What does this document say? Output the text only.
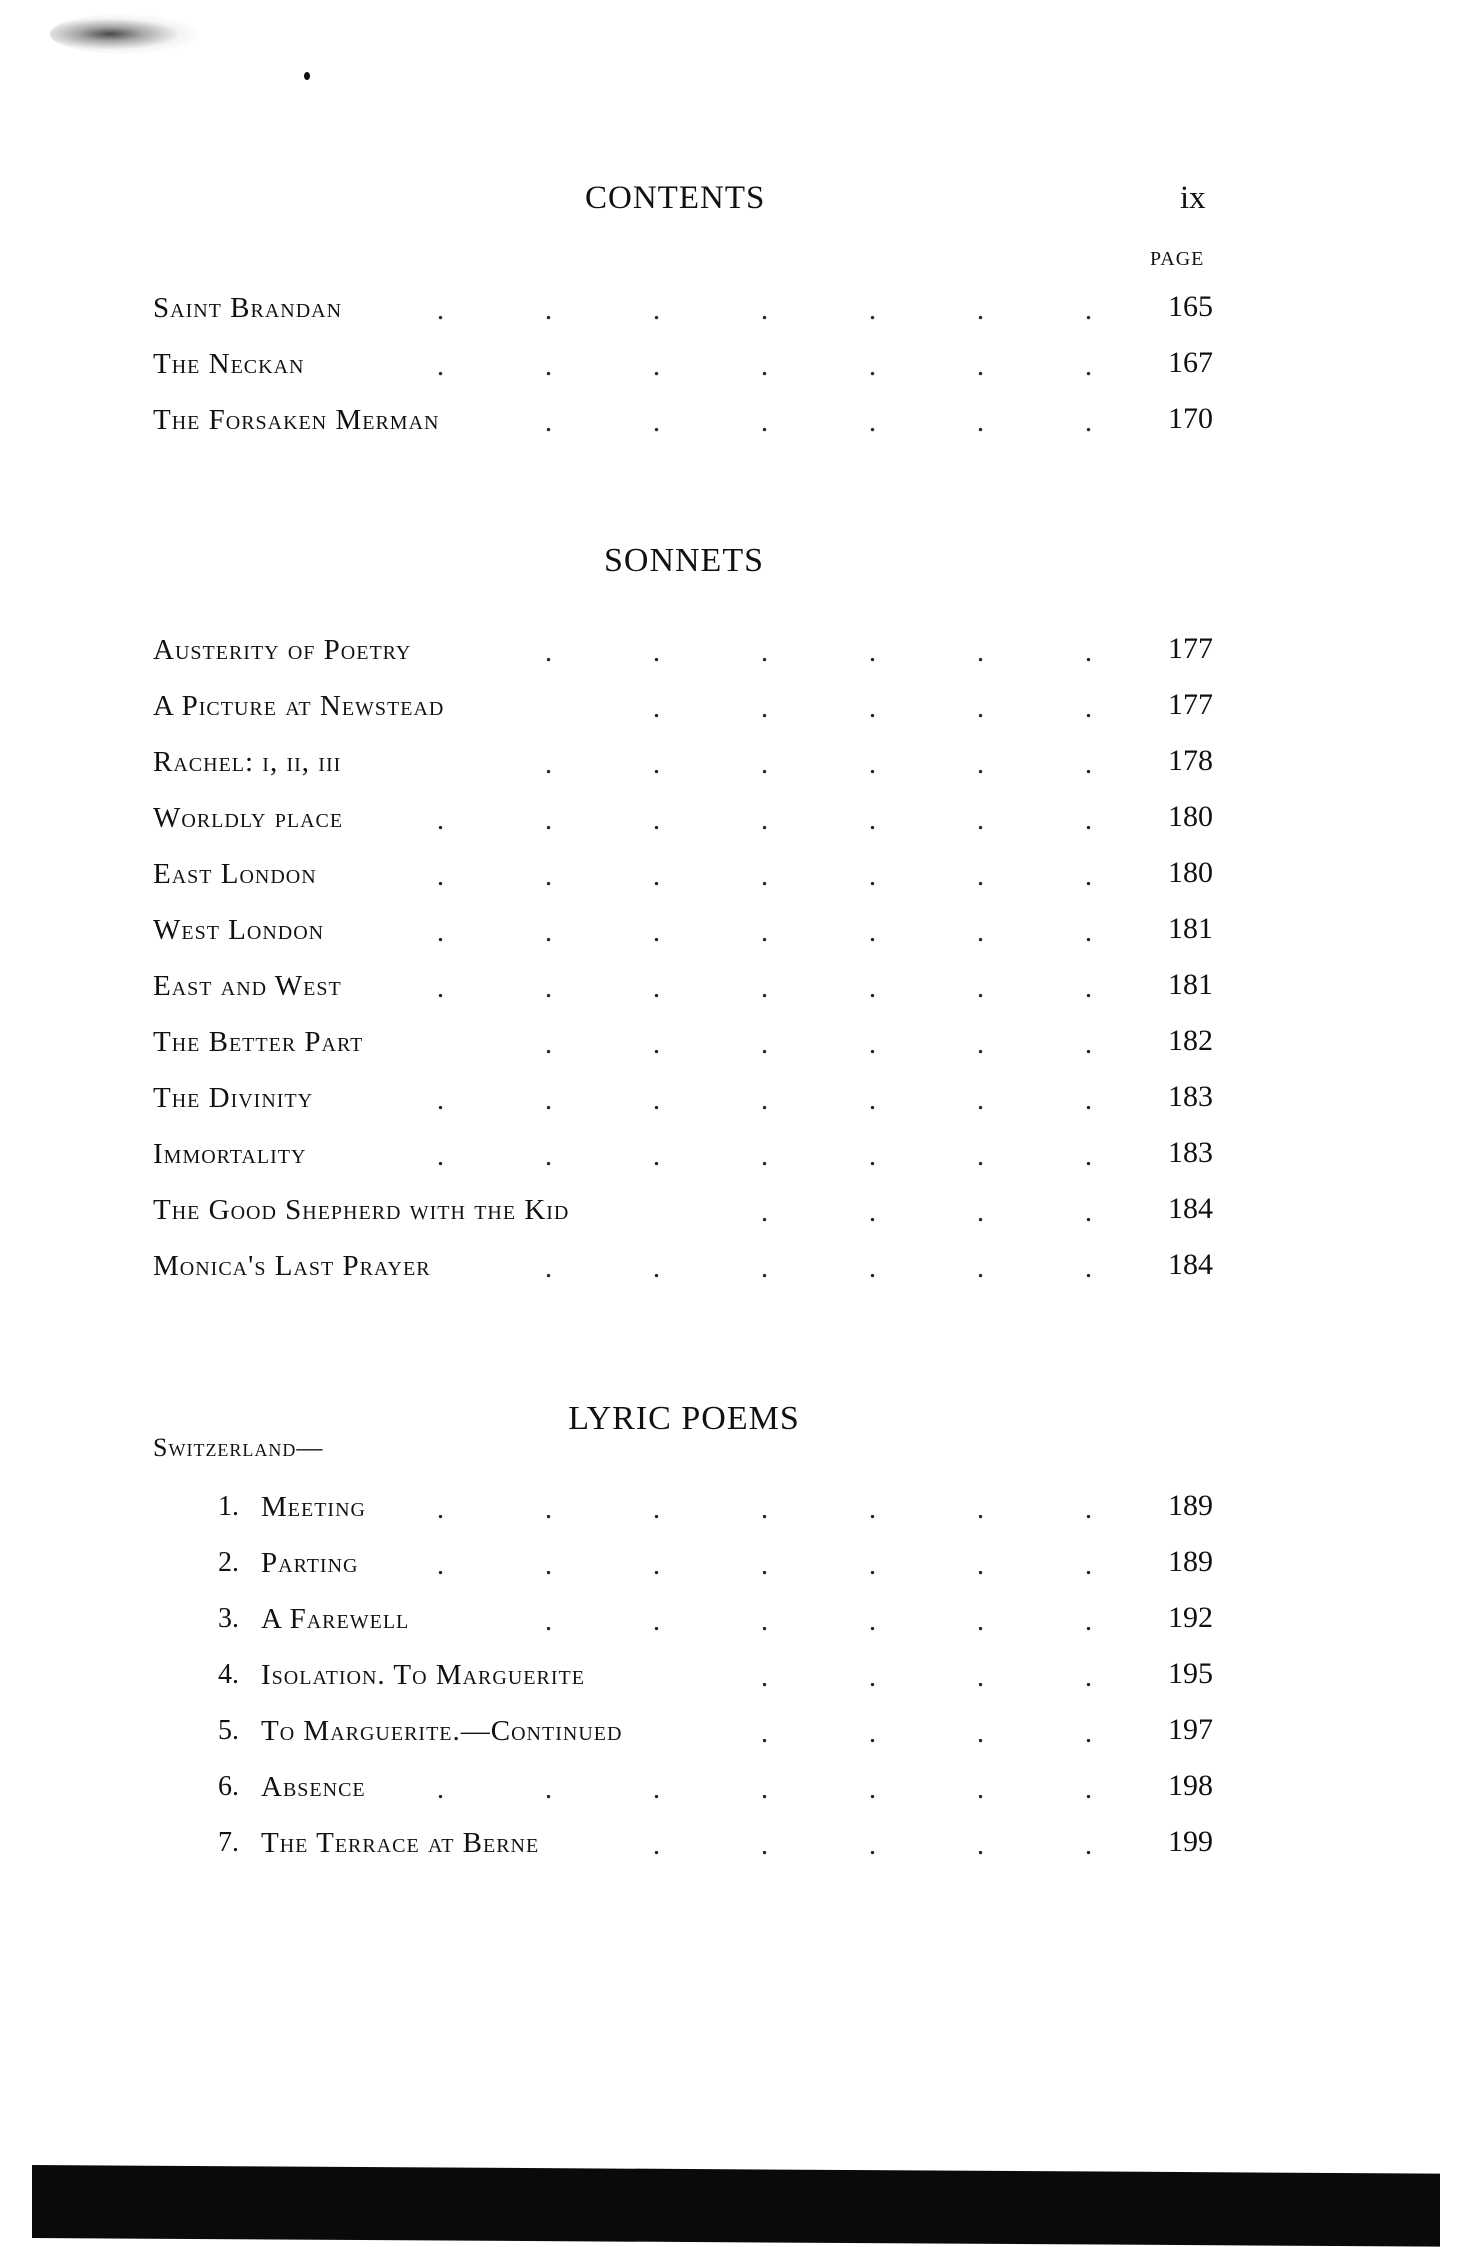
CONTENTS	ix
PAGE
Saint Brandan	.	.	.	.	.	.	.	165
The Neckan	.	.	.	.	.	.	.	167
The Forsaken Merman	.	.	.	.	.	.	170
SONNETS
Austerity of Poetry	.	.	.	.	.	.	177
A Picture at Newstead	.	.	.	.	.	177
Rachel: i, ii, iii	.	.	.	.	.	.	178
Worldly place	.	.	.	.	.	.	.	180
East London	.	.	.	.	.	.	.	180
West London	.	.	.	.	.	.	.	181
East and West	.	.	.	.	.	.	.	181
The Better Part	.	.	.	.	.	.	182
The Divinity	.	.	.	.	.	.	.	183
Immortality	.	.	.	.	.	.	.	183
The Good Shepherd with the Kid	.	.	.	.	184
Monica's Last Prayer	.	.	.	.	.	.	184
LYRIC POEMS
Switzerland—
1. Meeting	.	.	.	.	.	.	.	189
2. Parting	.	.	.	.	.	.	.	189
3. A Farewell	.	.	.	.	.	.	192
4. Isolation. To Marguerite	.	.	.	.	195
5. To Marguerite.—Continued	.	.	.	.	197
6. Absence	.	.	.	.	.	.	.	198
7. The Terrace at Berne	.	.	.	.	.	199
